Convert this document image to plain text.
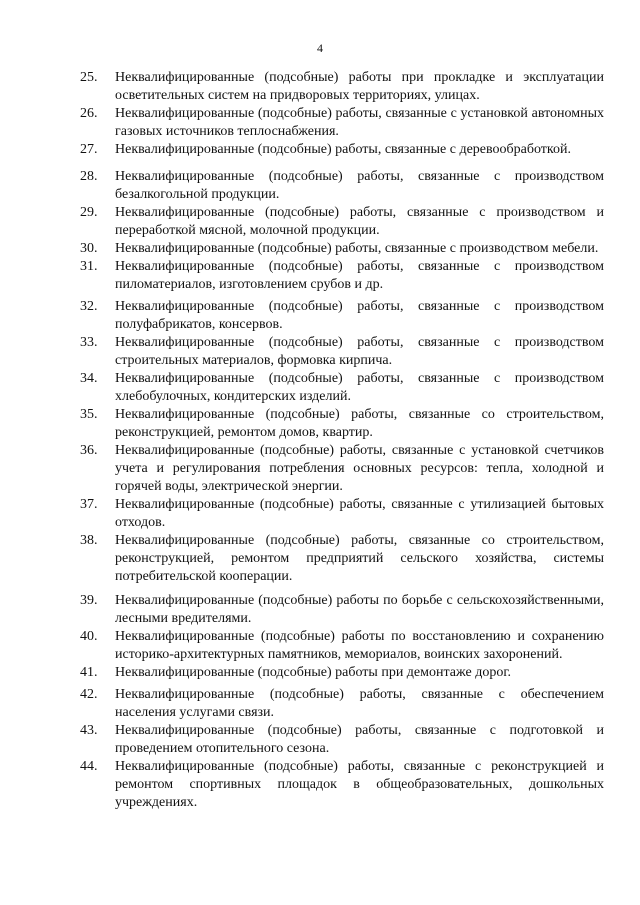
4
25.	Неквалифицированные (подсобные) работы при прокладке и эксплуатации осветительных систем на придворовых территориях, улицах.
26.	Неквалифицированные (подсобные) работы, связанные с установкой автономных газовых источников теплоснабжения.
27.	Неквалифицированные (подсобные) работы, связанные с деревообработкой.
28.	Неквалифицированные (подсобные) работы, связанные с производством безалкогольной продукции.
29.	Неквалифицированные (подсобные) работы, связанные с производством и переработкой мясной, молочной продукции.
30.	Неквалифицированные (подсобные) работы, связанные с производством мебели.
31.	Неквалифицированные (подсобные) работы, связанные с производством пиломатериалов, изготовлением срубов и др.
32.	Неквалифицированные (подсобные) работы, связанные с производством полуфабрикатов, консервов.
33.	Неквалифицированные (подсобные) работы, связанные с производством строительных материалов, формовка кирпича.
34.	Неквалифицированные (подсобные) работы, связанные с производством хлебобулочных, кондитерских изделий.
35.	Неквалифицированные (подсобные) работы, связанные со строительством, реконструкцией, ремонтом домов, квартир.
36.	Неквалифицированные (подсобные) работы, связанные с установкой счетчиков учета и регулирования потребления основных ресурсов: тепла, холодной и горячей воды, электрической энергии.
37.	Неквалифицированные (подсобные) работы, связанные с утилизацией бытовых отходов.
38.	Неквалифицированные (подсобные) работы, связанные со строительством, реконструкцией, ремонтом предприятий сельского хозяйства, системы потребительской кооперации.
39.	Неквалифицированные (подсобные) работы по борьбе с сельскохозяйственными, лесными вредителями.
40.	Неквалифицированные (подсобные) работы по восстановлению и сохранению историко-архитектурных памятников, мемориалов, воинских захоронений.
41.	Неквалифицированные (подсобные) работы при демонтаже дорог.
42.	Неквалифицированные (подсобные) работы, связанные с обеспечением населения услугами связи.
43.	Неквалифицированные (подсобные) работы, связанные с подготовкой и проведением отопительного сезона.
44.	Неквалифицированные (подсобные) работы, связанные с реконструкцией и ремонтом спортивных площадок в общеобразовательных, дошкольных учреждениях.
